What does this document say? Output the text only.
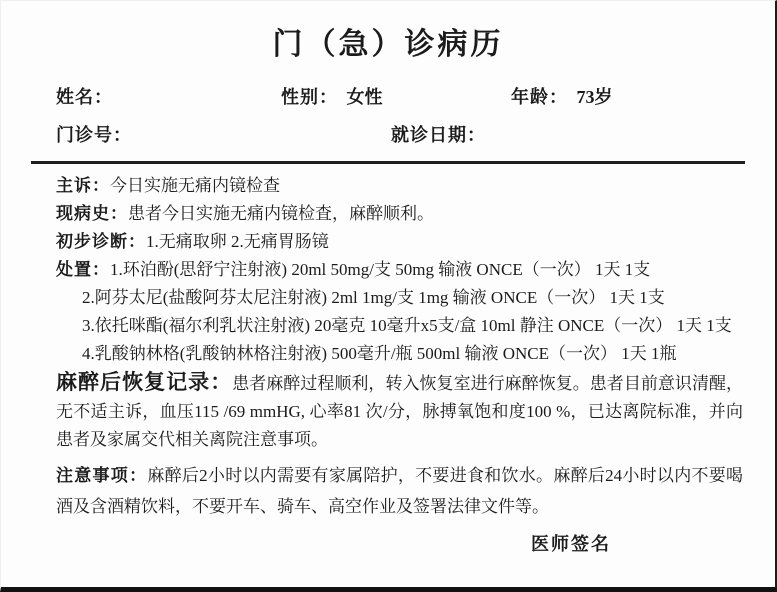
门（急）诊病历
姓名：	性别： 女性	年龄： 73岁
门诊号：	就诊日期：

主诉：今日实施无痛内镜检查

现病史：患者今日实施无痛内镜检査，麻醉顺利。

初步诊断：1.无痛取卵 2.无痛胃肠镜

处置：1.环泊酚(思舒宁注射液) 20ml 50mg/支 50mg 输液 ONCE（一次） 1天 1支

2.阿芬太尼(盐酸阿芬太尼注射液) 2ml 1mg/支 1mg 输液 ONCE（一次） 1天 1支

3.依托咪酯(福尔利乳状注射液) 20毫克 10毫升x5支/盒 10ml 静注 ONCE（一次） 1天 1支

4.乳酸钠林格(乳酸钠林格注射液) 500毫升/瓶 500ml 输液 ONCE（一次） 1天 1瓶

麻醉后恢复记录：患者麻醉过程顺利，转入恢复室进行麻醉恢复。患者目前意识清醒，无不适主诉，血压115 /69 mmHG, 心率81 次/分，脉搏氧饱和度100 %，已达离院标准，并向患者及家属交代相关离院注意事项。

注意事项：麻醉后2小时以内需要有家属陪护，不要进食和饮水。麻醉后24小时以内不要喝酒及含酒精饮料，不要开车、骑车、高空作业及签署法律文件等。

医师签名
